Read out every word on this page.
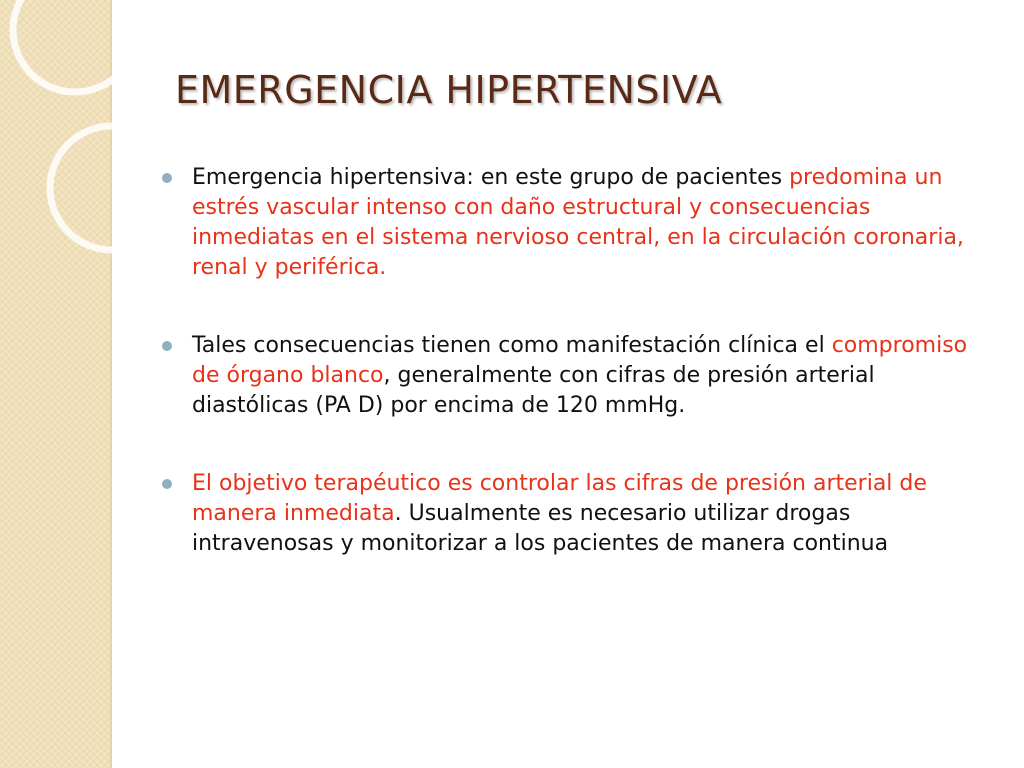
EMERGENCIA HIPERTENSIVA
Emergencia hipertensiva: en este grupo de pacientes predomina un estrés vascular intenso con daño estructural y consecuencias inmediatas en el sistema nervioso central, en la circulación coronaria, renal y periférica.
Tales consecuencias tienen como manifestación clínica el compromiso de órgano blanco, generalmente con cifras de presión arterial diastólicas (PA D) por encima de 120 mmHg.
El objetivo terapéutico es controlar las cifras de presión arterial de manera inmediata. Usualmente es necesario utilizar drogas intravenosas y monitorizar a los pacientes de manera continua
